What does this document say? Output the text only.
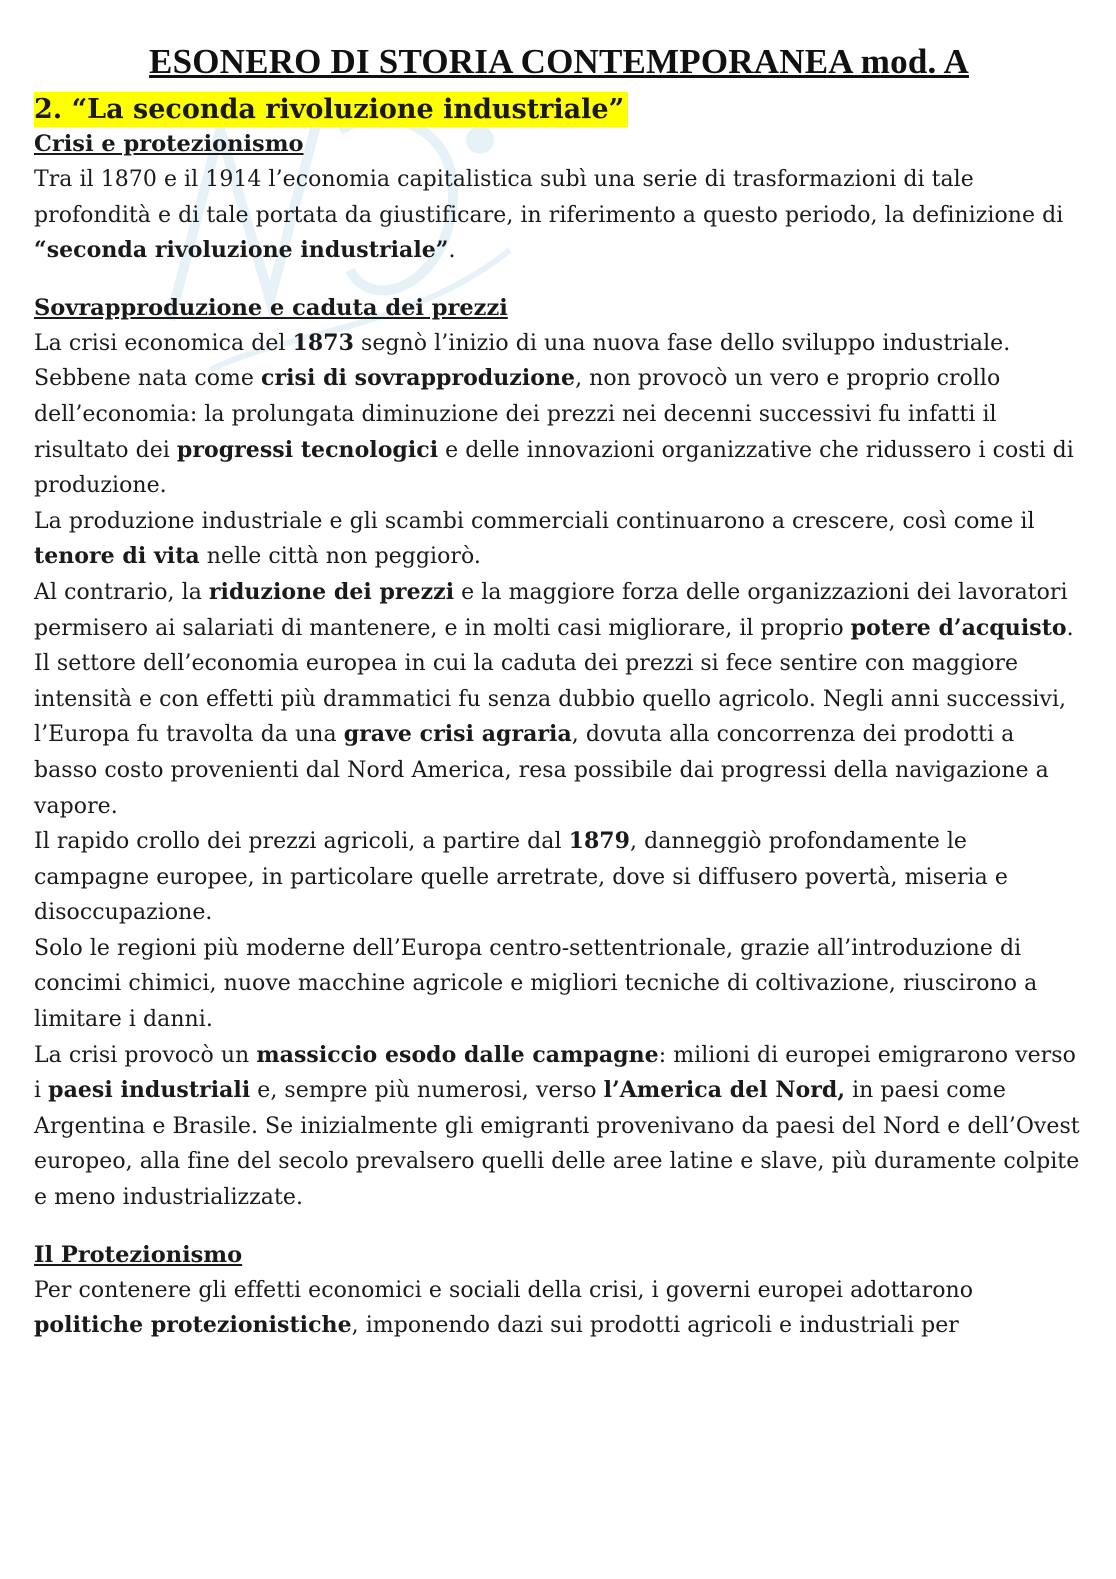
ESONERO DI STORIA CONTEMPORANEA mod. A
2. “La seconda rivoluzione industriale”
Crisi e protezionismo

Tra il 1870 e il 1914 l’economia capitalistica subì una serie di trasformazioni di tale profondità e di tale portata da giustificare, in riferimento a questo periodo, la definizione di “seconda rivoluzione industriale”.

Sovrapproduzione e caduta dei prezzi

La crisi economica del 1873 segnò l’inizio di una nuova fase dello sviluppo industriale. Sebbene nata come crisi di sovrapproduzione, non provocò un vero e proprio crollo dell’economia: la prolungata diminuzione dei prezzi nei decenni successivi fu infatti il risultato dei progressi tecnologici e delle innovazioni organizzative che ridussero i costi di produzione.

La produzione industriale e gli scambi commerciali continuarono a crescere, così come il tenore di vita nelle città non peggiorò.

Al contrario, la riduzione dei prezzi e la maggiore forza delle organizzazioni dei lavoratori permisero ai salariati di mantenere, e in molti casi migliorare, il proprio potere d’acquisto.

Il settore dell’economia europea in cui la caduta dei prezzi si fece sentire con maggiore intensità e con effetti più drammatici fu senza dubbio quello agricolo. Negli anni successivi, l’Europa fu travolta da una grave crisi agraria, dovuta alla concorrenza dei prodotti a basso costo provenienti dal Nord America, resa possibile dai progressi della navigazione a vapore.

Il rapido crollo dei prezzi agricoli, a partire dal 1879, danneggiò profondamente le campagne europee, in particolare quelle arretrate, dove si diffusero povertà, miseria e disoccupazione.

Solo le regioni più moderne dell’Europa centro-settentrionale, grazie all’introduzione di concimi chimici, nuove macchine agricole e migliori tecniche di coltivazione, riuscirono a limitare i danni.

La crisi provocò un massiccio esodo dalle campagne: milioni di europei emigrarono verso i paesi industriali e, sempre più numerosi, verso l’America del Nord, in paesi come Argentina e Brasile. Se inizialmente gli emigranti provenivano da paesi del Nord e dell’Ovest europeo, alla fine del secolo prevalsero quelli delle aree latine e slave, più duramente colpite e meno industrializzate.

Il Protezionismo

Per contenere gli effetti economici e sociali della crisi, i governi europei adottarono politiche protezionistiche, imponendo dazi sui prodotti agricoli e industriali per
